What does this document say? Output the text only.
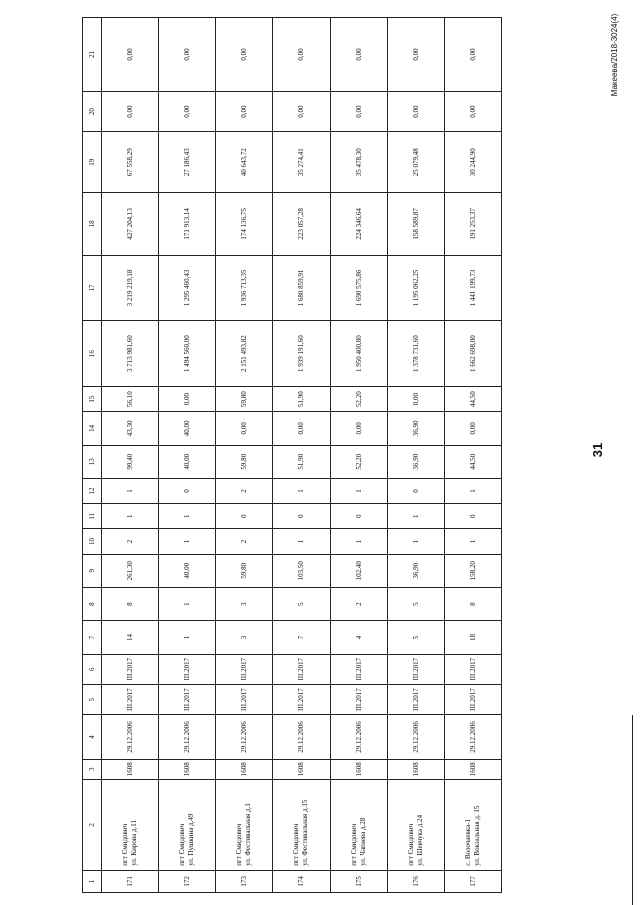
31
Макеева/2018-3024(4)
1	2	3	4	5	6	7	8	9	10	11	12	13	14	15	16	17	18	19	20	21
171	пгт Смидович ул. Кирова д.11	1608	29.12.2006	III.2017	III.2017	14	8	261,30	2	1	1	99,40	43,30	56,10	3 713 981,60	3 219 219,18	427 204,13	67 558,29	0,00	0,00
172	пгт Смидович ул. Пушкина д.49	1608	29.12.2006	III.2017	III.2017	1	1	40,00	1	1	0	40,00	40,00	0,00	1 494 560,00	1 295 460,43	171 913,14	27 186,43	0,00	0,00
173	пгт Смидович ул. Фестивальная д.1	1608	29.12.2006	III.2017	III.2017	3	3	59,80	2	0	2	59,80	0,00	59,80	2 151 493,82	1 936 713,35	174 136,75	40 643,72	0,00	0,00
174	пгт Смидович ул. Фестивальная д.15	1608	29.12.2006	III.2017	III.2017	7	5	103,50	1	0	1	51,90	0,00	51,90	1 939 191,60	1 680 859,91	223 057,28	35 274,41	0,00	0,00
175	пгт Смидович ул. Чапаева д.28	1608	29.12.2006	III.2017	III.2017	4	2	102,40	1	0	1	52,20	0,00	52,20	1 950 400,80	1 690 575,86	224 346,64	35 478,30	0,00	0,00
176	пгт Смидович ул. Шевчука д.24	1608	29.12.2006	III.2017	III.2017	5	5	36,90	1	1	0	36,90	36,90	0,00	1 378 731,60	1 195 062,25	158 589,87	25 079,48	0,00	0,00
177	с. Волочаевка-1 ул. Вокзальная д. 15	1608	29.12.2006	III.2017	III.2017	18	8	158,20	1	0	1	44,50	0,00	44,50	1 662 698,00	1 441 199,73	191 253,37	30 244,90	0,00	0,00
